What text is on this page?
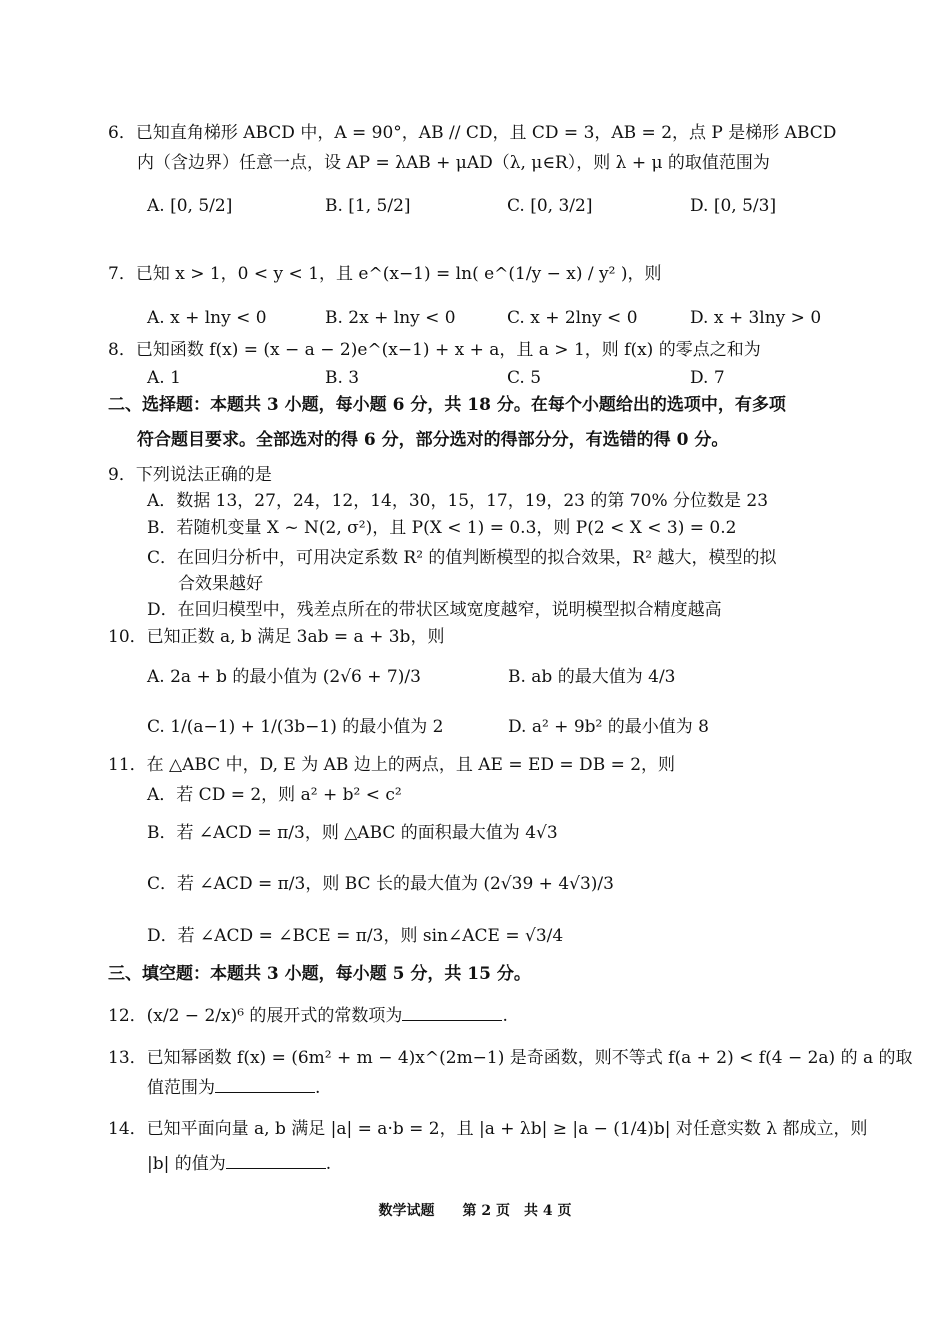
6．已知直角梯形 ABCD 中，A = 90°，AB // CD，且 CD = 3，AB = 2，点 P 是梯形 ABCD
内（含边界）任意一点，设 AP = λAB + μAD（λ, μ∈R），则 λ + μ 的取值范围为
A. [0, 5/2]	B. [1, 5/2]	C. [0, 3/2]	D. [0, 5/3]
7．已知 x > 1，0 < y < 1，且 e^(x−1) = ln( e^(1/y − x) / y² )，则
A. x + lny < 0	B. 2x + lny < 0	C. x + 2lny < 0	D. x + 3lny > 0
8．已知函数 f(x) = (x − a − 2)e^(x−1) + x + a，且 a > 1，则 f(x) 的零点之和为
A. 1	B. 3	C. 5	D. 7
二、选择题：本题共 3 小题，每小题 6 分，共 18 分。在每个小题给出的选项中，有多项
符合题目要求。全部选对的得 6 分，部分选对的得部分分，有选错的得 0 分。
9．下列说法正确的是
A．数据 13，27，24，12，14，30，15，17，19，23 的第 70% 分位数是 23
B．若随机变量 X ~ N(2, σ²)，且 P(X < 1) = 0.3，则 P(2 < X < 3) = 0.2
C．在回归分析中，可用决定系数 R² 的值判断模型的拟合效果，R² 越大，模型的拟
合效果越好
D．在回归模型中，残差点所在的带状区域宽度越窄，说明模型拟合精度越高
10．已知正数 a, b 满足 3ab = a + 3b，则
A. 2a + b 的最小值为 (2√6 + 7)/3	B. ab 的最大值为 4/3
C. 1/(a−1) + 1/(3b−1) 的最小值为 2	D. a² + 9b² 的最小值为 8
11．在 △ABC 中，D, E 为 AB 边上的两点，且 AE = ED = DB = 2，则
A．若 CD = 2，则 a² + b² < c²
B．若 ∠ACD = π/3，则 △ABC 的面积最大值为 4√3
C．若 ∠ACD = π/3，则 BC 长的最大值为 (2√39 + 4√3)/3
D．若 ∠ACD = ∠BCE = π/3，则 sin∠ACE = √3/4
三、填空题：本题共 3 小题，每小题 5 分，共 15 分。
12．(x/2 − 2/x)⁶ 的展开式的常数项为	.
13．已知幂函数 f(x) = (6m² + m − 4)x^(2m−1) 是奇函数，则不等式 f(a + 2) < f(4 − 2a) 的 a 的取
值范围为	.
14．已知平面向量 a, b 满足 |a| = a·b = 2，且 |a + λb| ≥ |a − (1/4)b| 对任意实数 λ 都成立，则
|b| 的值为	.
数学试题　　第 2 页　共 4 页
